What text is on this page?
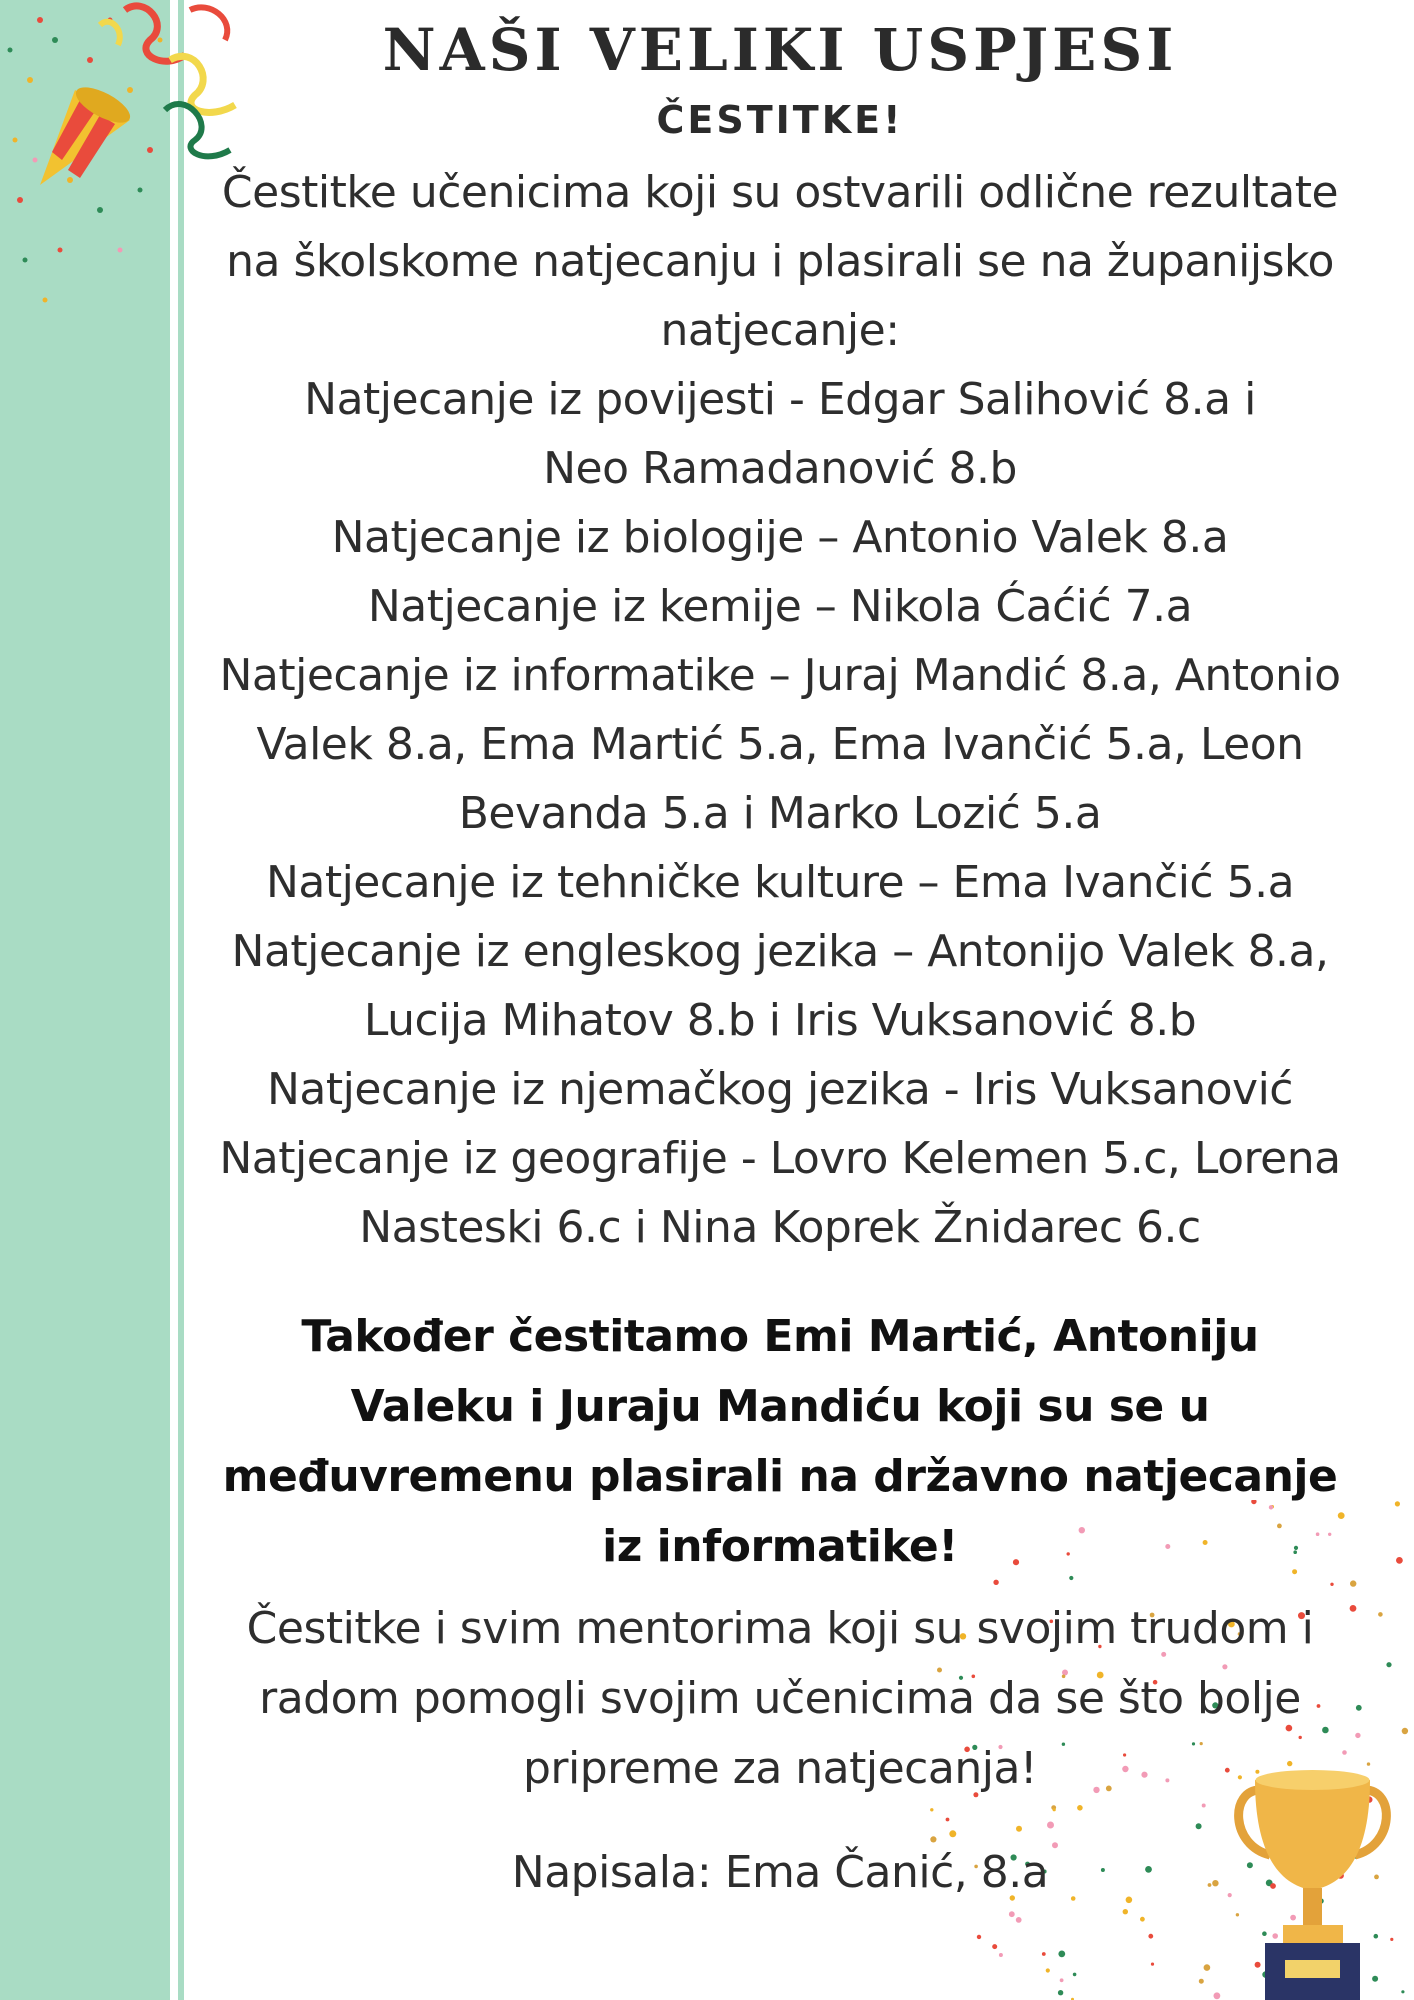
NAŠI VELIKI USPJESI
ČESTITKE!

Čestitke učenicima koji su ostvarili odlične rezultate

na školskome natjecanju i plasirali se na županijsko

natjecanje:

Natjecanje iz povijesti - Edgar Salihović 8.a i

Neo Ramadanović 8.b

Natjecanje iz biologije – Antonio Valek 8.a

Natjecanje iz kemije – Nikola Ćaćić 7.a

Natjecanje iz informatike – Juraj Mandić 8.a, Antonio

Valek 8.a, Ema Martić 5.a, Ema Ivančić 5.a, Leon

Bevanda 5.a i Marko Lozić 5.a

Natjecanje iz tehničke kulture – Ema Ivančić 5.a

Natjecanje iz engleskog jezika – Antonijo Valek 8.a,

Lucija Mihatov 8.b i Iris Vuksanović 8.b

Natjecanje iz njemačkog jezika - Iris Vuksanović

Natjecanje iz geografije - Lovro Kelemen 5.c, Lorena

Nasteski 6.c i Nina Koprek Žnidarec 6.c

Također čestitamo Emi Martić, Antoniju

Valeku i Juraju Mandiću koji su se u

međuvremenu plasirali na državno natjecanje

iz informatike!

Čestitke i svim mentorima koji su svojim trudom i

radom pomogli svojim učenicima da se što bolje

pripreme za natjecanja!

Napisala: Ema Čanić, 8.a
